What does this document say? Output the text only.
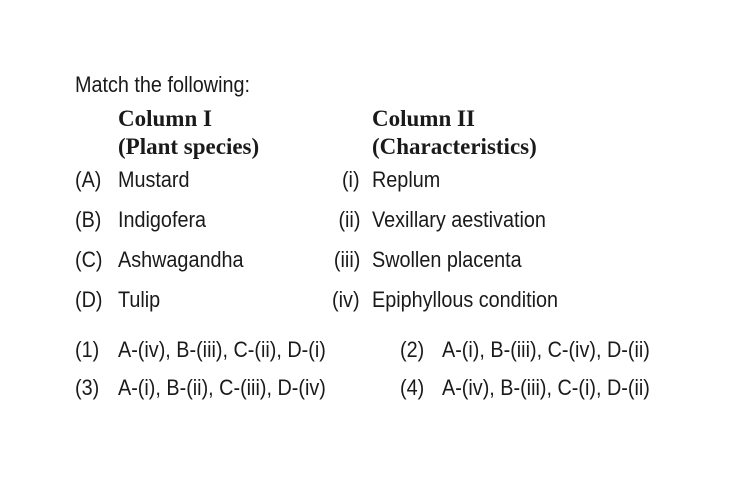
Match the following:
Column I
(Plant species)
Column II
(Characteristics)
(A) Mustard	(i) Replum
(B) Indigofera	(ii) Vexillary aestivation
(C) Ashwagandha	(iii) Swollen placenta
(D) Tulip	(iv) Epiphyllous condition
(1) A-(iv), B-(iii), C-(ii), D-(i)	(2) A-(i), B-(iii), C-(iv), D-(ii)
(3) A-(i), B-(ii), C-(iii), D-(iv)	(4) A-(iv), B-(iii), C-(i), D-(ii)
